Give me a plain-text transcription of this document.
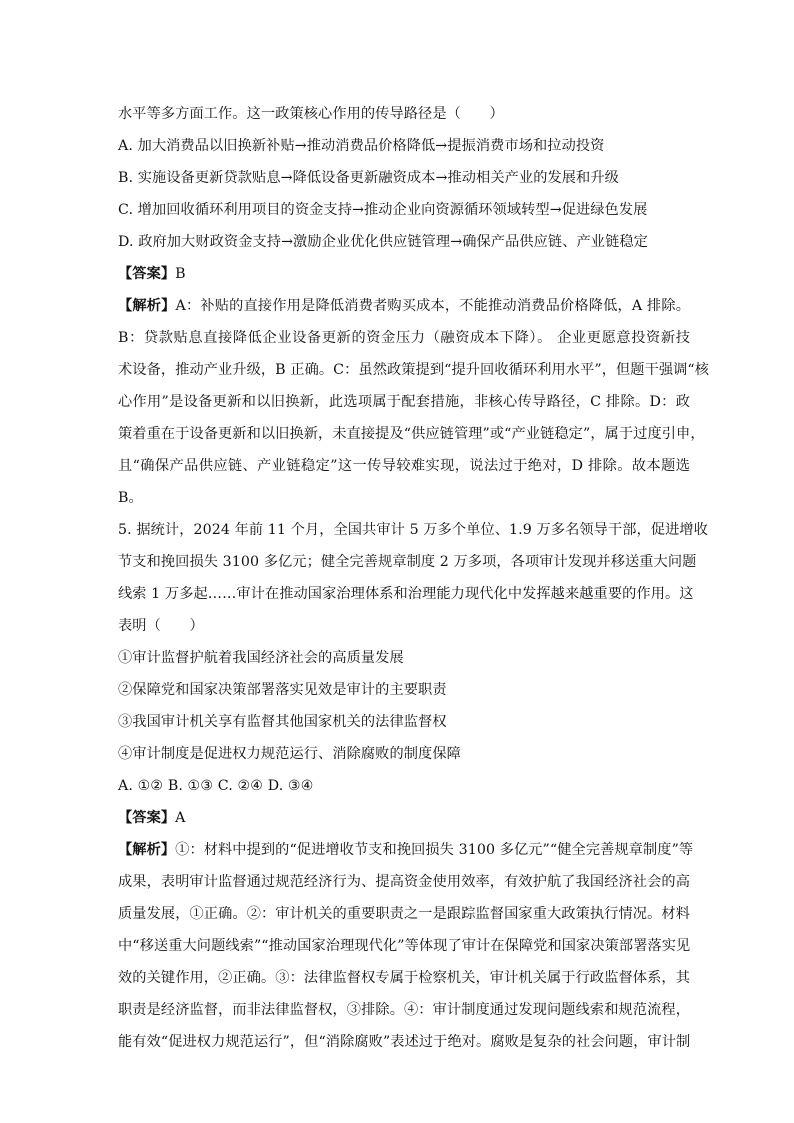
水平等多方面工作。这一政策核心作用的传导路径是（　　）
A. 加大消费品以旧换新补贴→推动消费品价格降低→提振消费市场和拉动投资
B. 实施设备更新贷款贴息→降低设备更新融资成本→推动相关产业的发展和升级
C. 增加回收循环利用项目的资金支持→推动企业向资源循环领域转型→促进绿色发展
D. 政府加大财政资金支持→激励企业优化供应链管理→确保产品供应链、产业链稳定
【答案】B
【解析】A：补贴的直接作用是降低消费者购买成本，不能推动消费品价格降低，A 排除。
B：贷款贴息直接降低企业设备更新的资金压力（融资成本下降）。 企业更愿意投资新技
术设备，推动产业升级，B 正确。C：虽然政策提到“提升回收循环利用水平”，但题干强调“核
心作用”是设备更新和以旧换新，此选项属于配套措施，非核心传导路径，C 排除。D：政
策着重在于设备更新和以旧换新，未直接提及“供应链管理”或“产业链稳定”，属于过度引申，
且“确保产品供应链、产业链稳定”这一传导较难实现，说法过于绝对，D 排除。故本题选
B。
5. 据统计，2024 年前 11 个月，全国共审计 5 万多个单位、1.9 万多名领导干部，促进增收
节支和挽回损失 3100 多亿元；健全完善规章制度 2 万多项，各项审计发现并移送重大问题
线索 1 万多起……审计在推动国家治理体系和治理能力现代化中发挥越来越重要的作用。这
表明（　　）
①审计监督护航着我国经济社会的高质量发展
②保障党和国家决策部署落实见效是审计的主要职责
③我国审计机关享有监督其他国家机关的法律监督权
④审计制度是促进权力规范运行、消除腐败的制度保障
A. ①② B. ①③ C. ②④ D. ③④
【答案】A
【解析】①：材料中提到的“促进增收节支和挽回损失 3100 多亿元”“健全完善规章制度”等
成果，表明审计监督通过规范经济行为、提高资金使用效率，有效护航了我国经济社会的高
质量发展，①正确。②：审计机关的重要职责之一是跟踪监督国家重大政策执行情况。材料
中“移送重大问题线索”“推动国家治理现代化”等体现了审计在保障党和国家决策部署落实见
效的关键作用，②正确。③：法律监督权专属于检察机关，审计机关属于行政监督体系，其
职责是经济监督，而非法律监督权，③排除。④：审计制度通过发现问题线索和规范流程，
能有效“促进权力规范运行”，但“消除腐败”表述过于绝对。腐败是复杂的社会问题，审计制
